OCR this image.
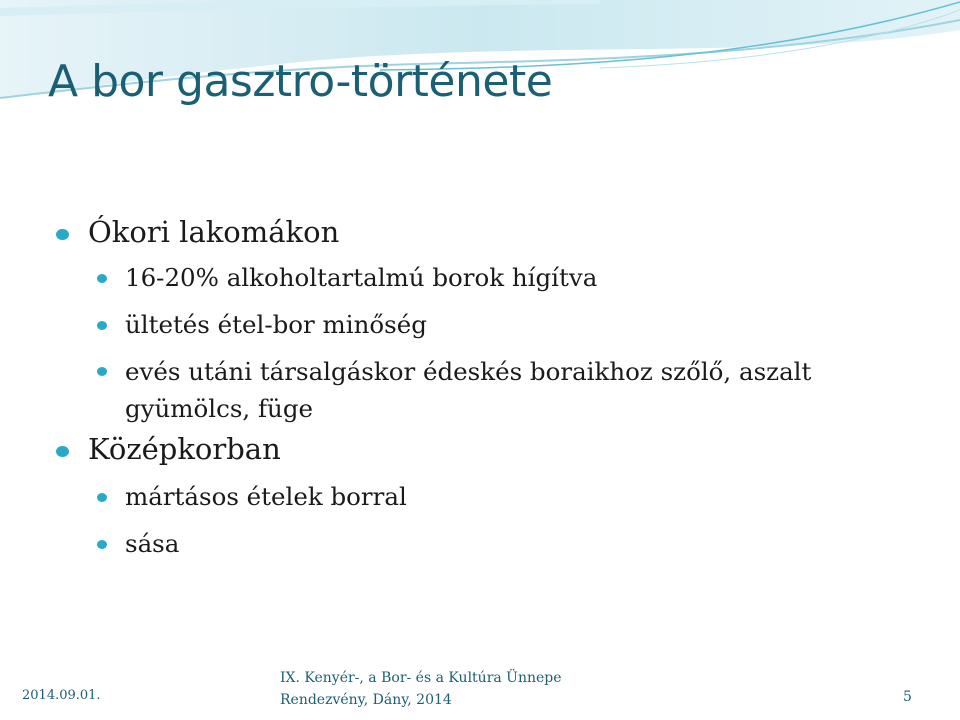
A bor gasztro-története
Ókori lakomákon
16-20% alkoholtartalmú borok hígítva
ültetés étel-bor minőség
evés utáni társalgáskor édeskés boraikhoz szőlő, aszalt gyümölcs, füge
Középkorban
mártásos ételek borral
sása
2014.09.01.
IX. Kenyér-, a Bor- és a Kultúra Ünnepe
Rendezvény, Dány, 2014	5
